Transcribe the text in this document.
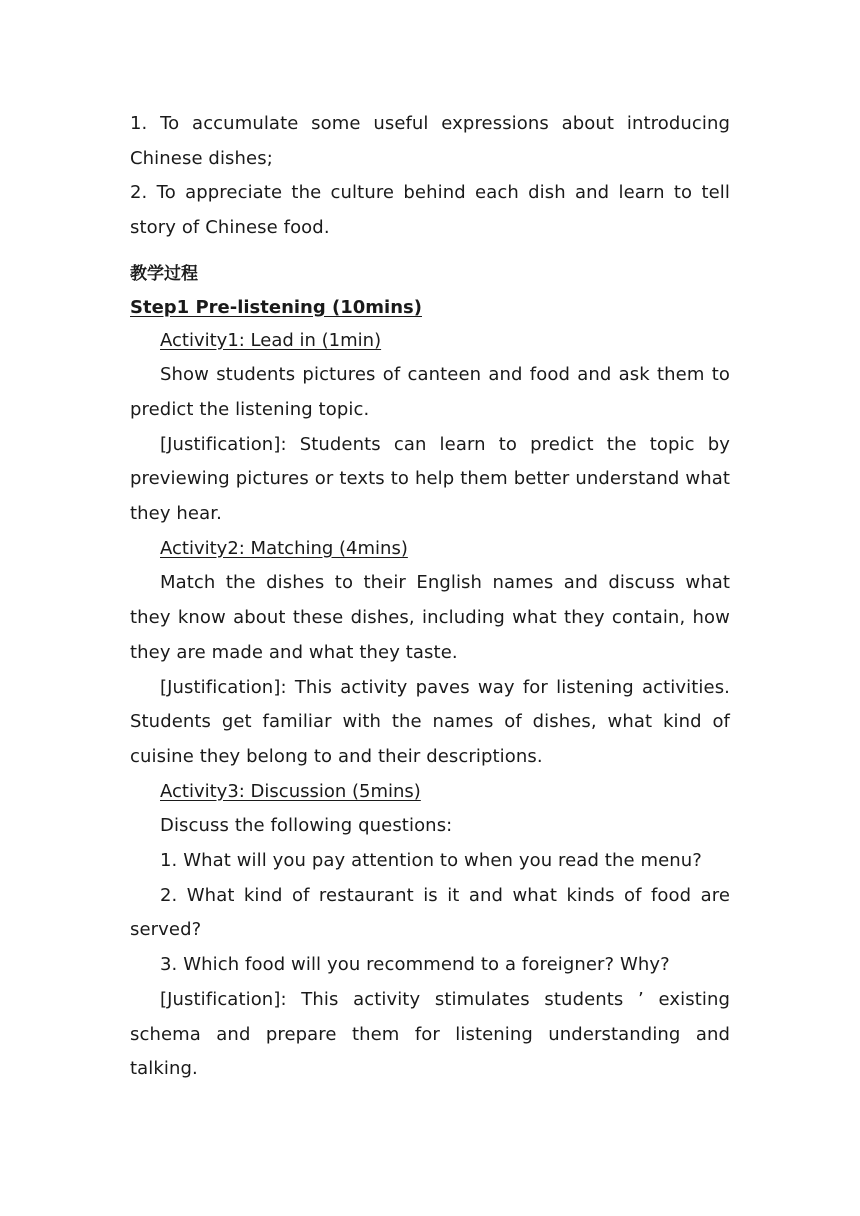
1. To accumulate some useful expressions about introducing Chinese dishes;

2. To appreciate the culture behind each dish and learn to tell story of Chinese food.

教学过程

Step1 Pre-listening (10mins)

Activity1: Lead in (1min)

Show students pictures of canteen and food and ask them to predict the listening topic.

[Justification]: Students can learn to predict the topic by previewing pictures or texts to help them better understand what they hear.

Activity2: Matching (4mins)

Match the dishes to their English names and discuss what they know about these dishes, including what they contain, how they are made and what they taste.

[Justification]: This activity paves way for listening activities. Students get familiar with the names of dishes, what kind of cuisine they belong to and their descriptions.

Activity3: Discussion (5mins)

Discuss the following questions:

1. What will you pay attention to when you read the menu?

2. What kind of restaurant is it and what kinds of food are served?

3. Which food will you recommend to a foreigner? Why?

[Justification]: This activity stimulates students ’ existing schema and prepare them for listening understanding and talking.
